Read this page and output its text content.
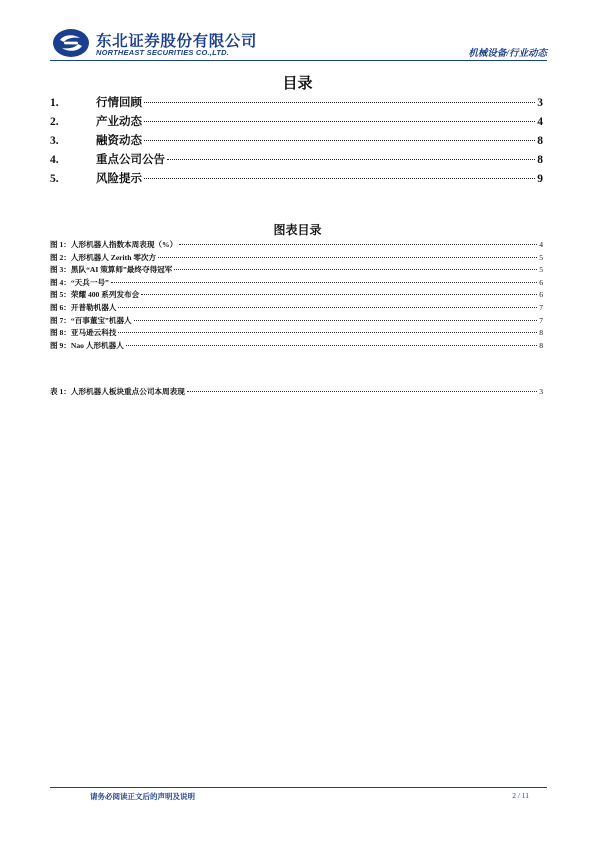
东北证券股份有限公司
NORTHEAST SECURITIES CO.,LTD.	机械设备/行业动态
目录
1.	行情回顾	3
2.	产业动态	4
3.	融资动态	8
4.	重点公司公告	8
5.	风险提示	9
图表目录
图 1：人形机器人指数本周表现（%）	4
图 2：人形机器人 Zerith 零次方	5
图 3：黑队“AI 策算师”最终夺得冠军	5
图 4：“天兵一号”	6
图 5：荣耀 400 系列发布会	6
图 6：开普勒机器人	7
图 7：“百事董宝”机器人	7
图 8：亚马逊云科技	8
图 9：Nao 人形机器人	8
表 1：人形机器人板块重点公司本周表现	3
请务必阅读正文后的声明及说明	2 / 11
